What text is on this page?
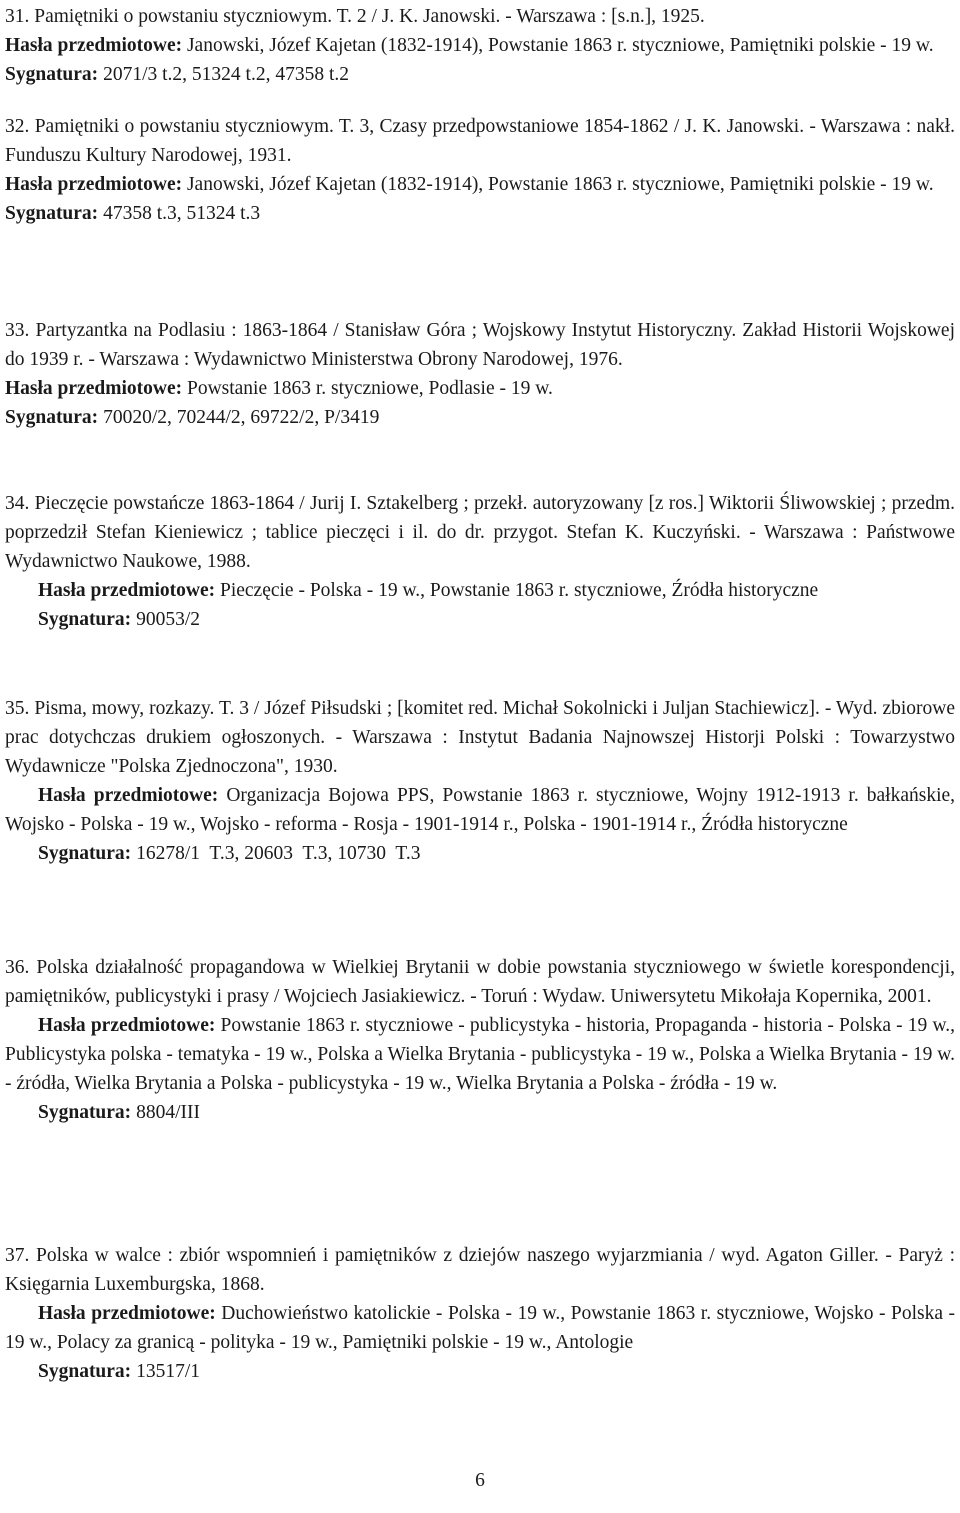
31. Pamiętniki o powstaniu styczniowym. T. 2 / J. K. Janowski. - Warszawa : [s.n.], 1925.

Hasła przedmiotowe: Janowski, Józef Kajetan (1832-1914), Powstanie 1863 r. styczniowe, Pamiętniki polskie - 19 w.

Sygnatura: 2071/3 t.2, 51324 t.2, 47358 t.2

32. Pamiętniki o powstaniu styczniowym. T. 3, Czasy przedpowstaniowe 1854-1862 / J. K. Janowski. - Warszawa : nakł. Funduszu Kultury Narodowej, 1931.

Hasła przedmiotowe: Janowski, Józef Kajetan (1832-1914), Powstanie 1863 r. styczniowe, Pamiętniki polskie - 19 w.

Sygnatura: 47358 t.3, 51324 t.3

33. Partyzantka na Podlasiu : 1863-1864 / Stanisław Góra ; Wojskowy Instytut Historyczny. Zakład Historii Wojskowej do 1939 r. - Warszawa : Wydawnictwo Ministerstwa Obrony Narodowej, 1976.

Hasła przedmiotowe: Powstanie 1863 r. styczniowe, Podlasie - 19 w.

Sygnatura: 70020/2, 70244/2, 69722/2, P/3419

34. Pieczęcie powstańcze 1863-1864 / Jurij I. Sztakelberg ; przekł. autoryzowany [z ros.] Wiktorii Śliwowskiej ; przedm. poprzedził Stefan Kieniewicz ; tablice pieczęci i il. do dr. przygot. Stefan K. Kuczyński. - Warszawa : Państwowe Wydawnictwo Naukowe, 1988.

Hasła przedmiotowe: Pieczęcie - Polska - 19 w., Powstanie 1863 r. styczniowe, Źródła historyczne

Sygnatura: 90053/2

35. Pisma, mowy, rozkazy. T. 3 / Józef Piłsudski ; [komitet red. Michał Sokolnicki i Juljan Stachiewicz]. - Wyd. zbiorowe prac dotychczas drukiem ogłoszonych. - Warszawa : Instytut Badania Najnowszej Historji Polski : Towarzystwo Wydawnicze "Polska Zjednoczona", 1930.

Hasła przedmiotowe: Organizacja Bojowa PPS, Powstanie 1863 r. styczniowe, Wojny 1912-1913 r. bałkańskie, Wojsko - Polska - 19 w., Wojsko - reforma - Rosja - 1901-1914 r., Polska - 1901-1914 r., Źródła historyczne

Sygnatura: 16278/1  T.3, 20603  T.3, 10730  T.3

36. Polska działalność propagandowa w Wielkiej Brytanii w dobie powstania styczniowego w świetle korespondencji, pamiętników, publicystyki i prasy / Wojciech Jasiakiewicz. - Toruń : Wydaw. Uniwersytetu Mikołaja Kopernika, 2001.

Hasła przedmiotowe: Powstanie 1863 r. styczniowe - publicystyka - historia, Propaganda - historia - Polska - 19 w., Publicystyka polska - tematyka - 19 w., Polska a Wielka Brytania - publicystyka - 19 w., Polska a Wielka Brytania - 19 w. - źródła, Wielka Brytania a Polska - publicystyka - 19 w., Wielka Brytania a Polska - źródła - 19 w.

Sygnatura: 8804/III

37. Polska w walce : zbiór wspomnień i pamiętników z dziejów naszego wyjarzmiania / wyd. Agaton Giller. - Paryż : Księgarnia Luxemburgska, 1868.

Hasła przedmiotowe: Duchowieństwo katolickie - Polska - 19 w., Powstanie 1863 r. styczniowe, Wojsko - Polska - 19 w., Polacy za granicą - polityka - 19 w., Pamiętniki polskie - 19 w., Antologie

Sygnatura: 13517/1

6
